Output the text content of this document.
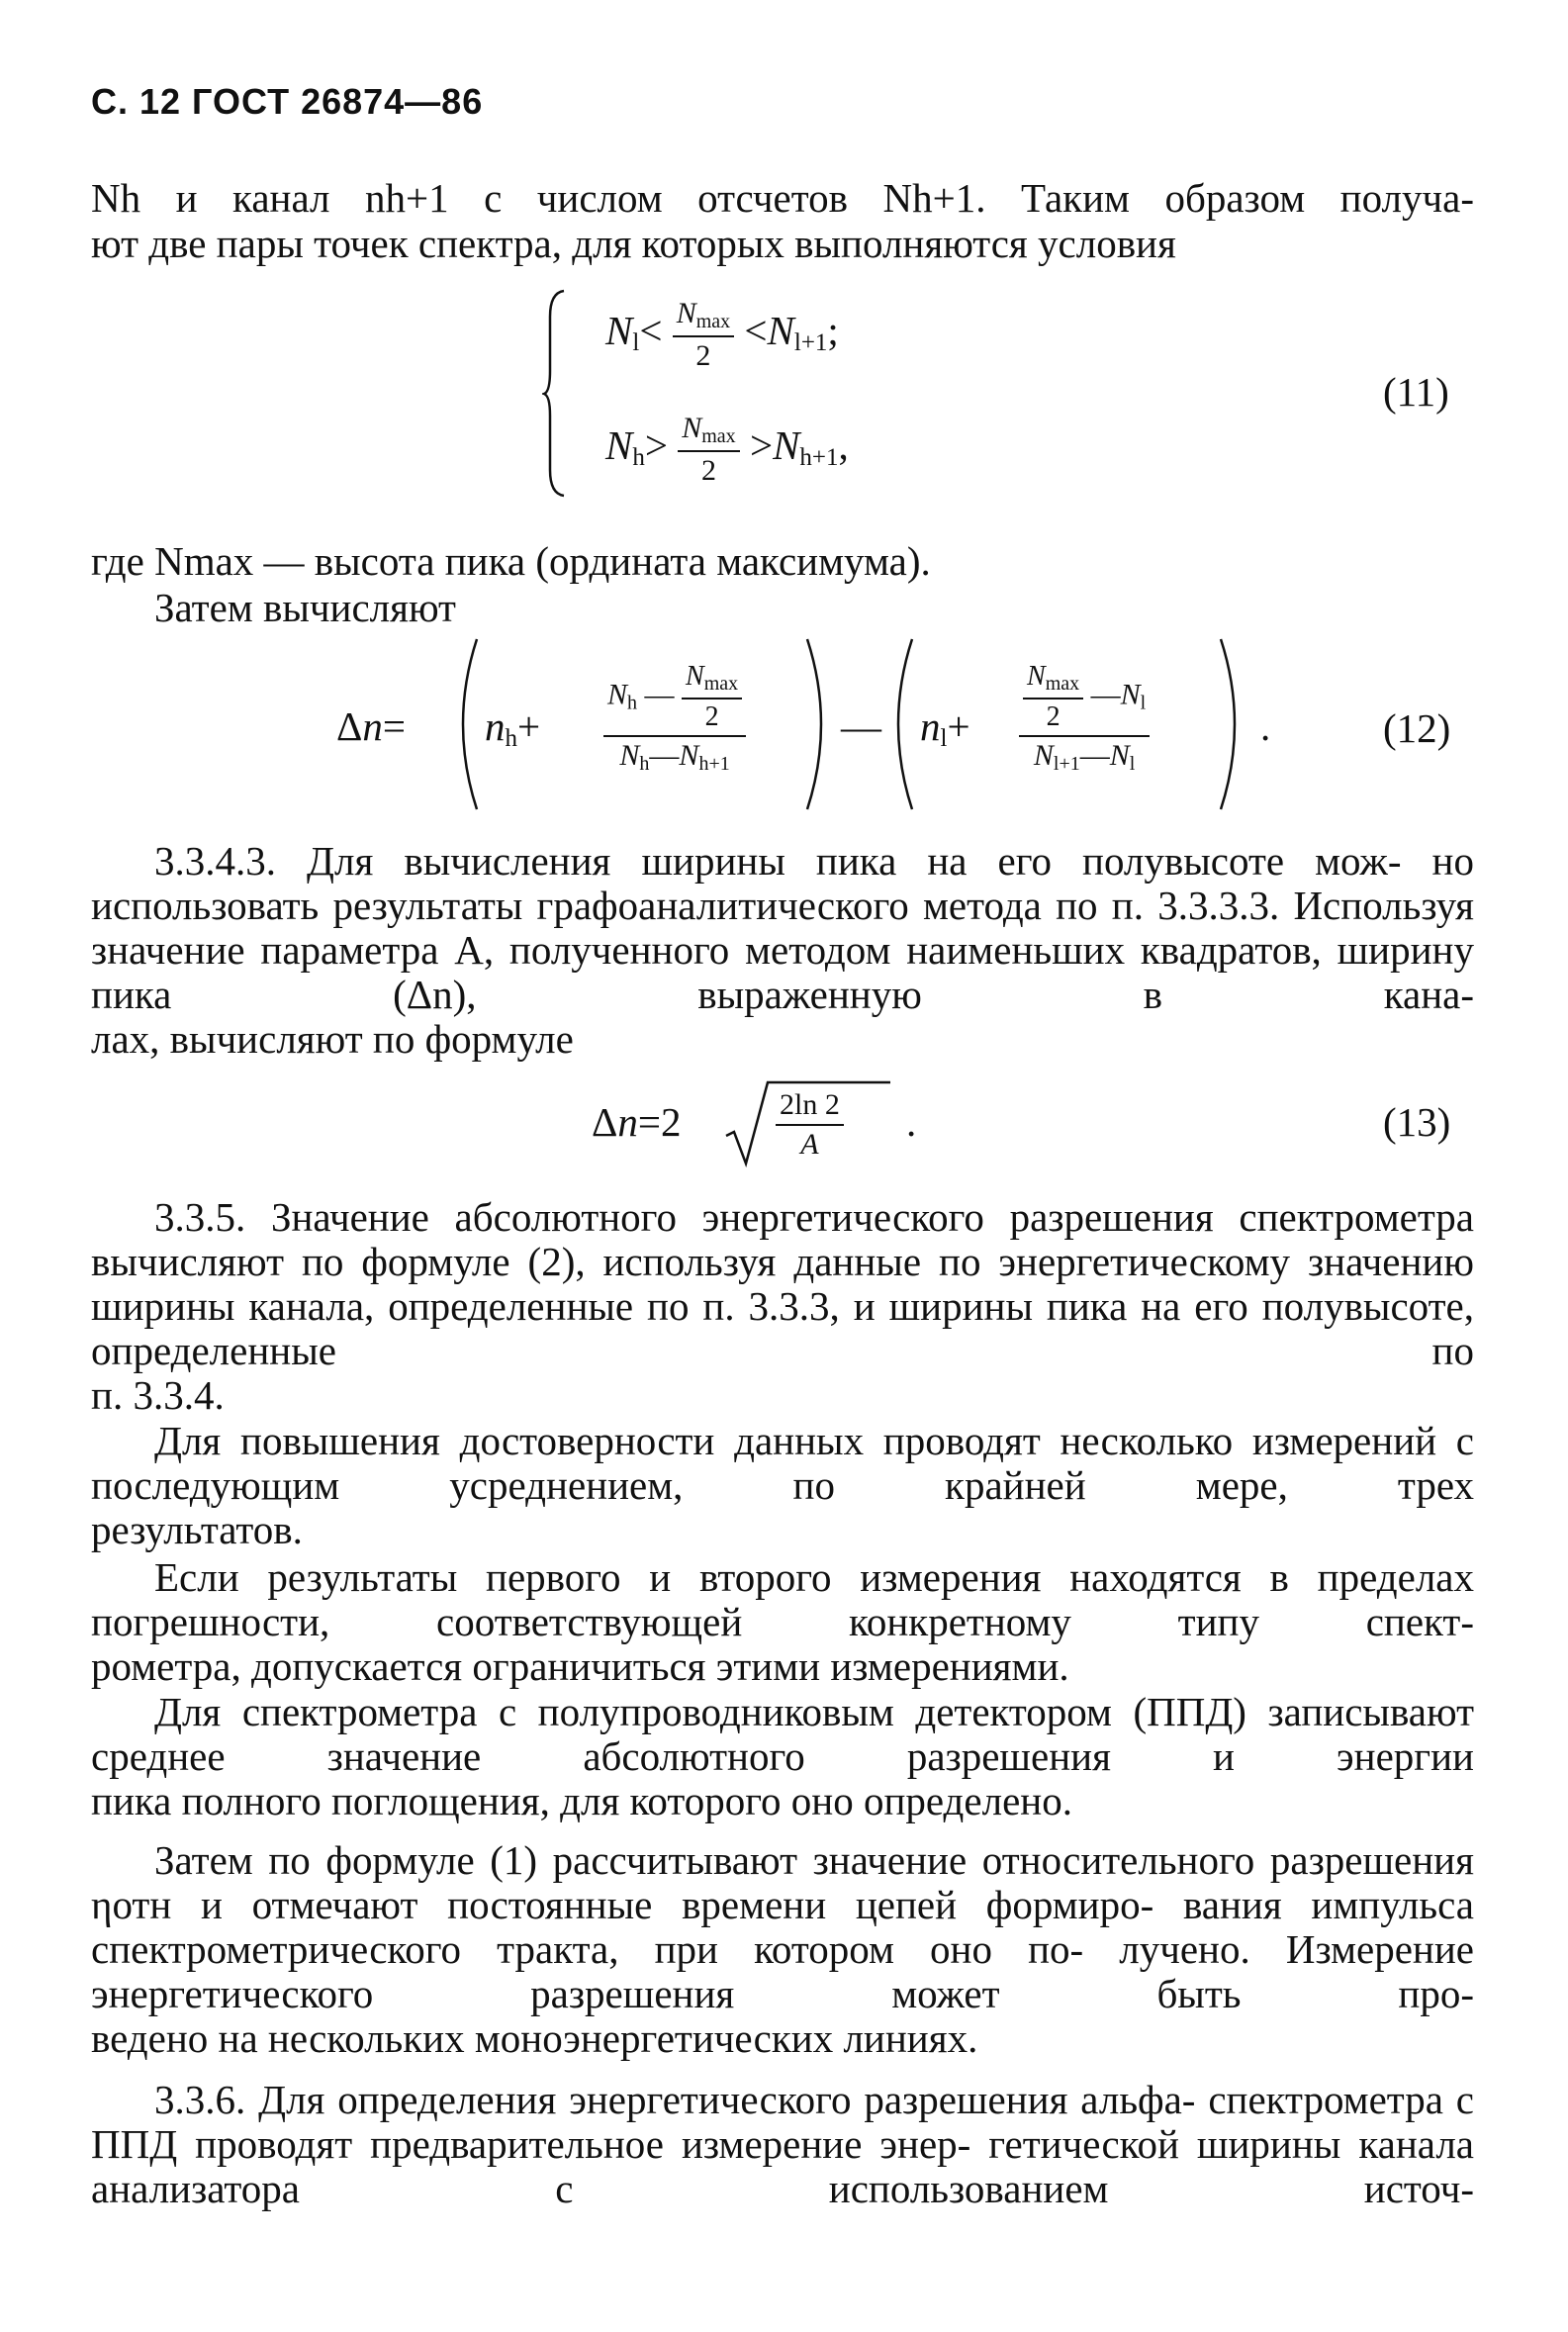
С. 12 ГОСТ 26874—86

Nh и канал nh+1 с числом отсчетов Nh+1. Таким образом получа-

ют две пары точек спектра, для которых выполняются условия

$N_l< \frac{Nmax}{2} <N_{l+1}$;
$N_h> \frac{Nmax}{2} >N_{h+1}$,
(11)

где Nmax — высота пика (ордината максимума).

Затем вычисляют

$\Delta n= n_h+$
Nh — $\frac{Nmax}{2}$
Nh—Nh+1
— $n_l+ \frac{Nmax}{2}$ —Nl
Nl+1—Nl
.	(12)

3.3.4.3. Для вычисления ширины пика на его полувысоте мож- но использовать результаты графоаналитического метода по п. 3.3.3.3. Используя значение параметра А, полученного методом наименьших квадратов, ширину пика (Δn), выраженную в кана-

лах, вычисляют по формуле

Δn=2	$\frac{2\ln 2}{A}$ .	(13)

3.3.5. Значение абсолютного энергетического разрешения спектрометра вычисляют по формуле (2), используя данные по энергетическому значению ширины канала, определенные по п. 3.3.3, и ширины пика на его полувысоте, определенные по

п. 3.3.4.

Для повышения достоверности данных проводят несколько измерений с последующим усреднением, по крайней мере, трех

результатов.

Если результаты первого и второго измерения находятся в пределах погрешности, соответствующей конкретному типу спект-

рометра, допускается ограничиться этими измерениями.

Для спектрометра с полупроводниковым детектором (ППД) записывают среднее значение абсолютного разрешения и энергии

пика полного поглощения, для которого оно определено.

Затем по формуле (1) рассчитывают значение относительного разрешения ηотн и отмечают постоянные времени цепей формиро- вания импульса спектрометрического тракта, при котором оно по- лучено. Измерение энергетического разрешения может быть про-

ведено на нескольких моноэнергетических линиях.

3.3.6. Для определения энергетического разрешения альфа- спектрометра с ППД проводят предварительное измерение энер- гетической ширины канала анализатора с использованием источ-
